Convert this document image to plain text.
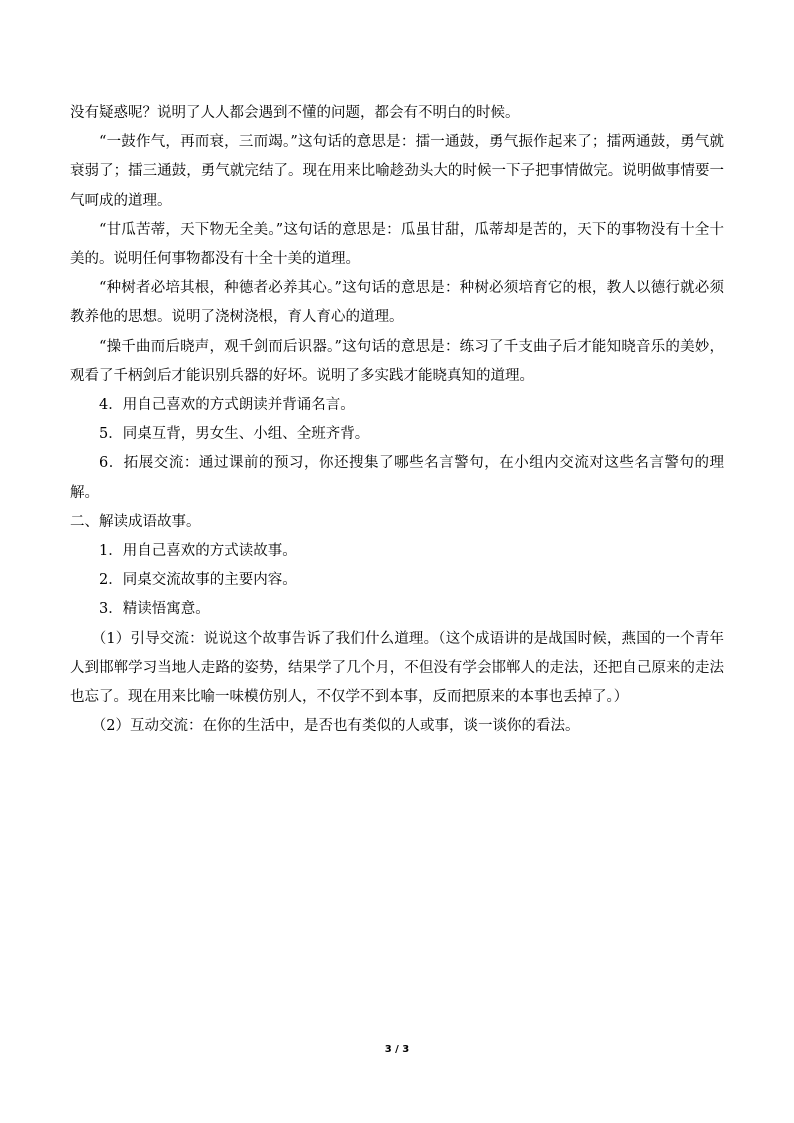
没有疑惑呢？说明了人人都会遇到不懂的问题，都会有不明白的时候。

“一鼓作气，再而衰，三而竭。”这句话的意思是：擂一通鼓，勇气振作起来了；擂两通鼓，勇气就衰弱了；擂三通鼓，勇气就完结了。现在用来比喻趁劲头大的时候一下子把事情做完。说明做事情要一气呵成的道理。

“甘瓜苦蒂，天下物无全美。”这句话的意思是：瓜虽甘甜，瓜蒂却是苦的，天下的事物没有十全十美的。说明任何事物都没有十全十美的道理。

“种树者必培其根，种德者必养其心。”这句话的意思是：种树必须培育它的根，教人以德行就必须教养他的思想。说明了浇树浇根，育人育心的道理。

“操千曲而后晓声，观千剑而后识器。”这句话的意思是：练习了千支曲子后才能知晓音乐的美妙，观看了千柄剑后才能识别兵器的好坏。说明了多实践才能晓真知的道理。

4．用自己喜欢的方式朗读并背诵名言。

5．同桌互背，男女生、小组、全班齐背。

6．拓展交流：通过课前的预习，你还搜集了哪些名言警句，在小组内交流对这些名言警句的理解。

二、解读成语故事。

1．用自己喜欢的方式读故事。

2．同桌交流故事的主要内容。

3．精读悟寓意。

（1）引导交流：说说这个故事告诉了我们什么道理。（这个成语讲的是战国时候，燕国的一个青年人到邯郸学习当地人走路的姿势，结果学了几个月，不但没有学会邯郸人的走法，还把自己原来的走法也忘了。现在用来比喻一味模仿别人，不仅学不到本事，反而把原来的本事也丢掉了。）

（2）互动交流：在你的生活中，是否也有类似的人或事，谈一谈你的看法。

3 / 3
